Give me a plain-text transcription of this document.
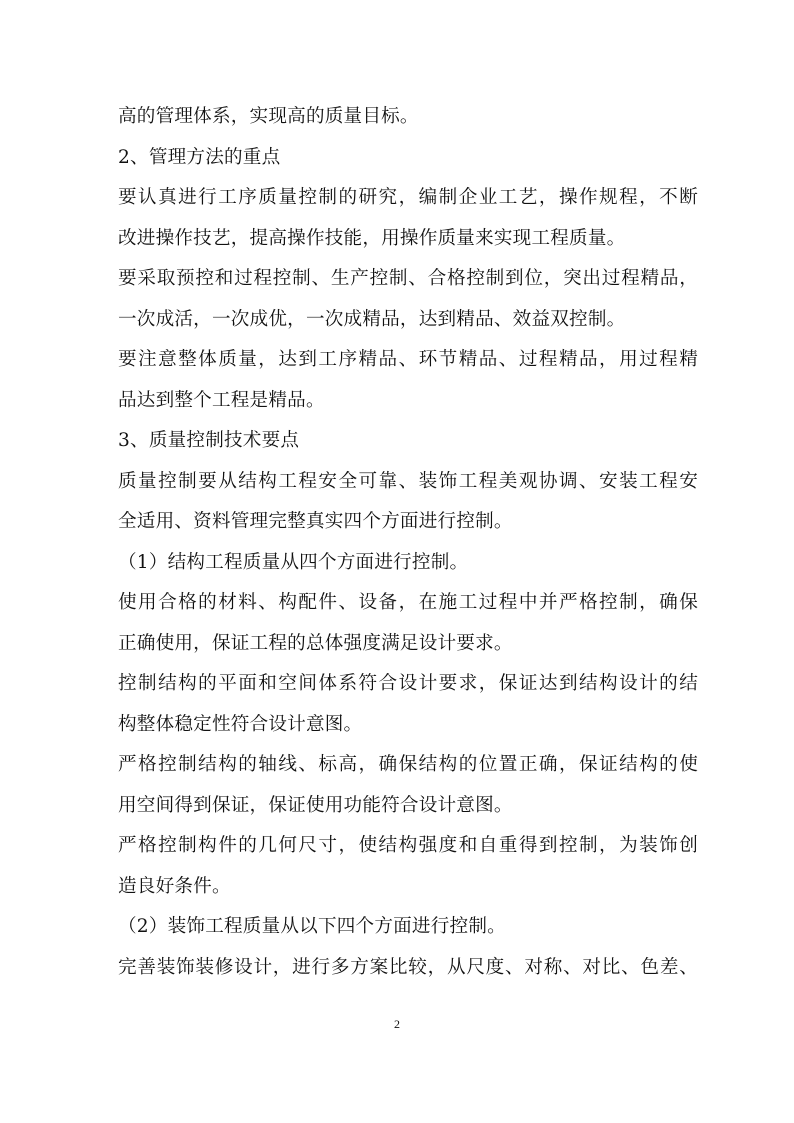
高的管理体系，实现高的质量目标。
2、管理方法的重点
要认真进行工序质量控制的研究，编制企业工艺，操作规程，不断
改进操作技艺，提高操作技能，用操作质量来实现工程质量。
要采取预控和过程控制、生产控制、合格控制到位，突出过程精品，
一次成活，一次成优，一次成精品，达到精品、效益双控制。
要注意整体质量，达到工序精品、环节精品、过程精品，用过程精
品达到整个工程是精品。
3、质量控制技术要点
质量控制要从结构工程安全可靠、装饰工程美观协调、安装工程安
全适用、资料管理完整真实四个方面进行控制。
（1）结构工程质量从四个方面进行控制。
使用合格的材料、构配件、设备，在施工过程中并严格控制，确保
正确使用，保证工程的总体强度满足设计要求。
控制结构的平面和空间体系符合设计要求，保证达到结构设计的结
构整体稳定性符合设计意图。
严格控制结构的轴线、标高，确保结构的位置正确，保证结构的使
用空间得到保证，保证使用功能符合设计意图。
严格控制构件的几何尺寸，使结构强度和自重得到控制，为装饰创
造良好条件。
（2）装饰工程质量从以下四个方面进行控制。
完善装饰装修设计，进行多方案比较，从尺度、对称、对比、色差、
2
